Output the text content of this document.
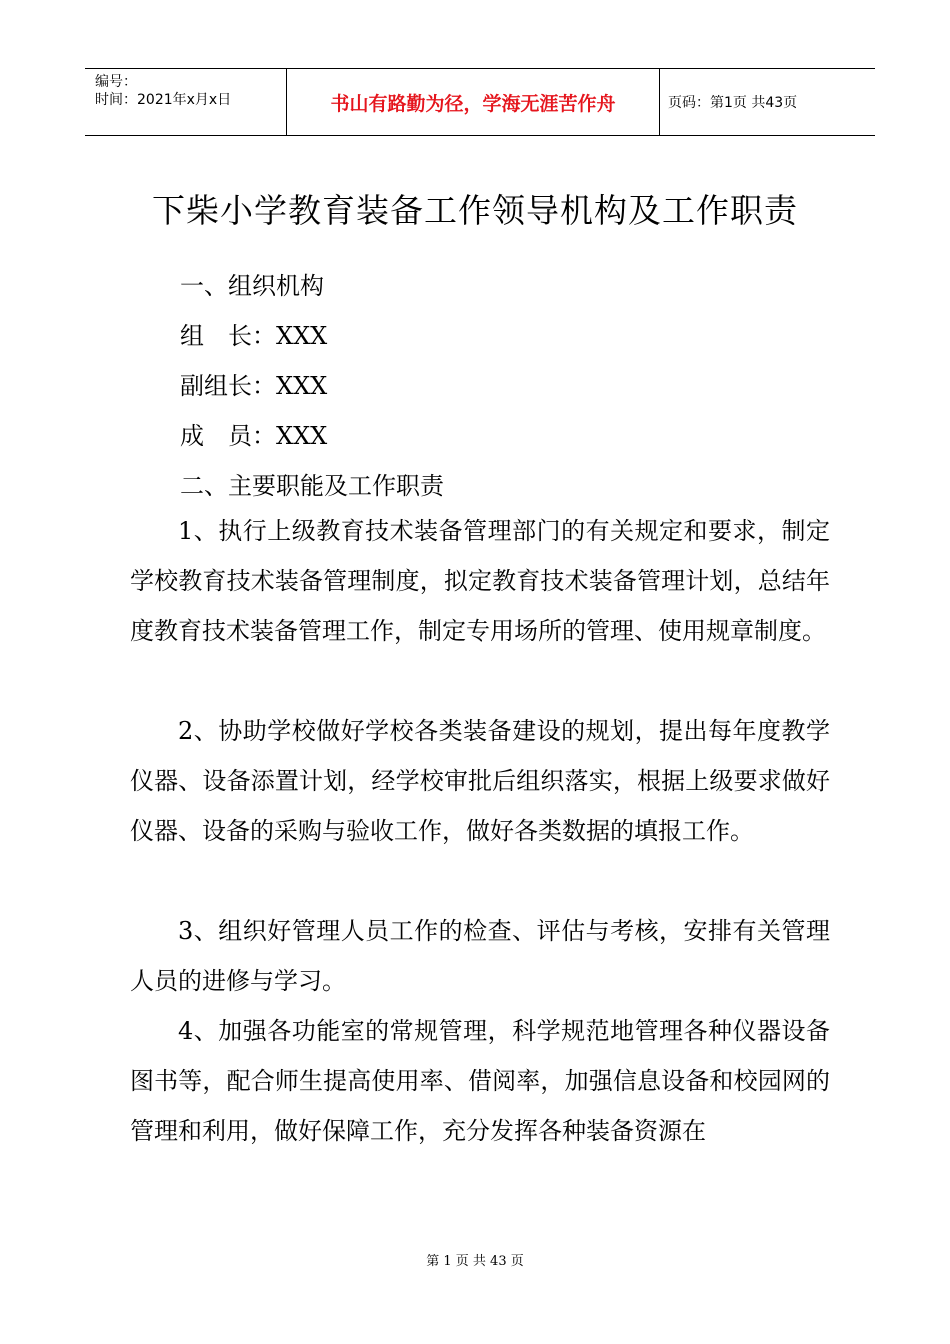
编号：
时间：2021年x月x日	书山有路勤为径，学海无涯苦作舟	页码：第1页 共43页
下柴小学教育装备工作领导机构及工作职责
一、组织机构
组　长：XXX
副组长：XXX
成　员：XXX
二、主要职能及工作职责

1、执行上级教育技术装备管理部门的有关规定和要求，制定学校教育技术装备管理制度，拟定教育技术装备管理计划，总结年度教育技术装备管理工作，制定专用场所的管理、使用规章制度。

2、协助学校做好学校各类装备建设的规划，提出每年度教学仪器、设备添置计划，经学校审批后组织落实，根据上级要求做好仪器、设备的采购与验收工作，做好各类数据的填报工作。

3、组织好管理人员工作的检查、评估与考核，安排有关管理人员的进修与学习。

4、加强各功能室的常规管理，科学规范地管理各种仪器设备图书等，配合师生提高使用率、借阅率，加强信息设备和校园网的管理和利用，做好保障工作，充分发挥各种装备资源在

第 1 页 共 43 页
